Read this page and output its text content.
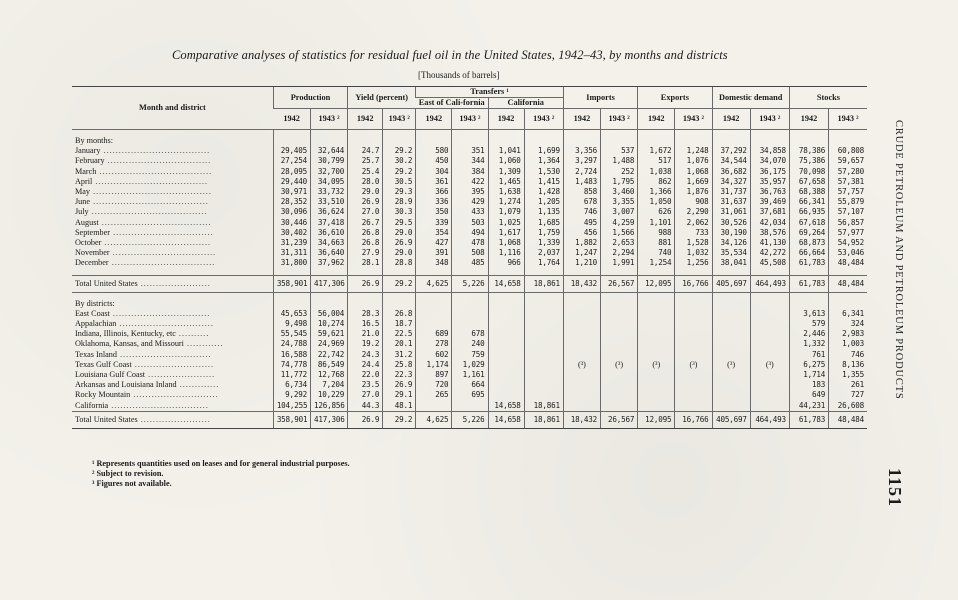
Comparative analyses of statistics for residual fuel oil in the United States, 1942–43, by months and districts
[Thousands of barrels]
Month and district	Production		Yield (percent)		Transfers ¹				Imports		Exports		Domestic demand		Stocks	
					East of Cali-fornia		California									
	1942	1943 ²	1942	1943 ²	1942	1943 ²	1942	1943 ²	1942	1943 ²	1942	1943 ²	1942	1943 ²	1942	1943 ²

By months:																
January ...................................	29,405	32,644	24.7	29.2	580	351	1,041	1,699	3,356	537	1,672	1,248	37,292	34,858	78,386	60,808
February ..................................	27,254	30,799	25.7	30.2	450	344	1,060	1,364	3,297	1,488	517	1,076	34,544	34,070	75,386	59,657
March .....................................	28,095	32,700	25.4	29.2	304	384	1,309	1,530	2,724	252	1,038	1,068	36,682	36,175	70,098	57,280
April .....................................	29,440	34,095	28.0	30.5	361	422	1,465	1,415	1,483	1,795	862	1,669	34,327	35,957	67,658	57,381
May .......................................	30,971	33,732	29.0	29.3	366	395	1,638	1,428	858	3,460	1,366	1,876	31,737	36,763	68,388	57,757
June ......................................	28,352	33,510	26.9	28.9	336	429	1,274	1,205	678	3,355	1,050	908	31,637	39,469	66,341	55,879
July ......................................	30,096	36,624	27.0	30.3	350	433	1,079	1,135	746	3,007	626	2,290	31,061	37,681	66,935	57,107
August ....................................	30,446	37,418	26.7	29.5	339	503	1,025	1,685	495	4,259	1,101	2,062	30,526	42,034	67,618	56,857
September .................................	30,402	36,610	26.8	29.0	354	494	1,617	1,759	456	1,566	988	733	30,190	38,576	69,264	57,977
October ...................................	31,239	34,663	26.8	26.9	427	478	1,068	1,339	1,882	2,653	881	1,528	34,126	41,130	68,873	54,952
November ..................................	31,311	36,640	27.9	29.0	391	508	1,116	2,037	1,247	2,294	740	1,032	35,534	42,272	66,664	53,046
December ..................................	31,800	37,962	28.1	28.8	348	485	966	1,764	1,210	1,991	1,254	1,256	38,041	45,508	61,783	48,484

Total United States .......................	358,901	417,306	26.9	29.2	4,625	5,226	14,658	18,861	18,432	26,567	12,095	16,766	405,697	464,493	61,783	48,484

By districts:																
East Coast ................................	45,653	56,004	28.3	26.8											3,613	6,341
Appalachian ...............................	9,498	10,274	16.5	18.7											579	324
Indiana, Illinois, Kentucky, etc ..........	55,545	59,621	21.0	22.5	689	678									2,446	2,983
Oklahoma, Kansas, and Missouri ............	24,788	24,969	19.2	20.1	278	240									1,332	1,003
Texas Inland ..............................	16,588	22,742	24.3	31.2	602	759									761	746
Texas Gulf Coast ..........................	74,778	86,549	24.4	25.8	1,174	1,029			(³)	(³)	(³)	(³)	(³)	(³)	6,275	8,136
Louisiana Gulf Coast ......................	11,772	12,768	22.0	22.3	897	1,161									1,714	1,355
Arkansas and Louisiana Inland .............	6,734	7,204	23.5	26.9	720	664									183	261
Rocky Mountain ............................	9,292	10,229	27.0	29.1	265	695									649	727
California ................................	104,255	126,856	44.3	48.1			14,658	18,861							44,231	26,608
Total United States .......................	358,901	417,306	26.9	29.2	4,625	5,226	14,658	18,861	18,432	26,567	12,095	16,766	405,697	464,493	61,783	48,484
¹ Represents quantities used on leases and for general industrial purposes.
² Subject to revision.
³ Figures not available.
CRUDE PETROLEUM AND PETROLEUM PRODUCTS
1151
